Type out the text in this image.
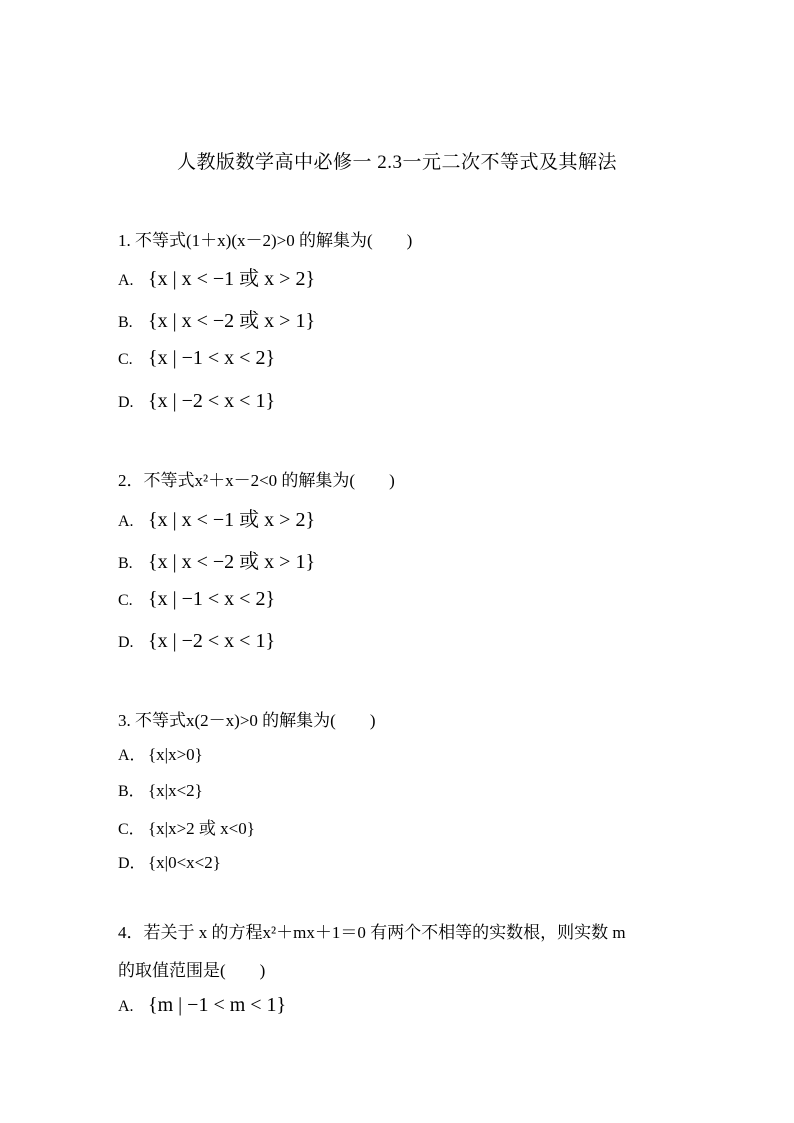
人教版数学高中必修一 2.3一元二次不等式及其解法
1. 不等式(1＋x)(x－2)>0 的解集为(　　)
A. {x | x < −1 或 x > 2}
B. {x | x < −2 或 x > 1}
C. {x | −1 < x < 2}
D. {x | −2 < x < 1}
2．不等式x²＋x－2<0 的解集为(　　)
A. {x | x < −1 或 x > 2}
B. {x | x < −2 或 x > 1}
C. {x | −1 < x < 2}
D. {x | −2 < x < 1}
3. 不等式x(2－x)>0 的解集为(　　)
A． {x|x>0}
B． {x|x<2}
C． {x|x>2 或 x<0}
D． {x|0<x<2}
4．若关于 x 的方程x²＋mx＋1＝0 有两个不相等的实数根，则实数 m
的取值范围是(　　)
A. {m | −1 < m < 1}
